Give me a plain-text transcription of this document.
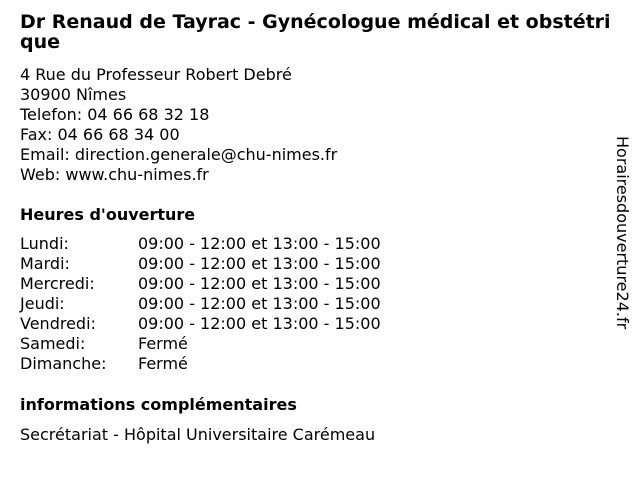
Dr Renaud de Tayrac - Gynécologue médical et obstétrique
4 Rue du Professeur Robert Debré
30900 Nîmes
Telefon: 04 66 68 32 18
Fax: 04 66 68 34 00
Email: direction.generale@chu-nimes.fr
Web: www.chu-nimes.fr
Heures d'ouverture
Lundi:	09:00 - 12:00 et 13:00 - 15:00
Mardi:	09:00 - 12:00 et 13:00 - 15:00
Mercredi:	09:00 - 12:00 et 13:00 - 15:00
Jeudi:	09:00 - 12:00 et 13:00 - 15:00
Vendredi:	09:00 - 12:00 et 13:00 - 15:00
Samedi:	Fermé
Dimanche: Fermé
informations complémentaires
Secrétariat - Hôpital Universitaire Carémeau
Horairesdouverture24.fr
